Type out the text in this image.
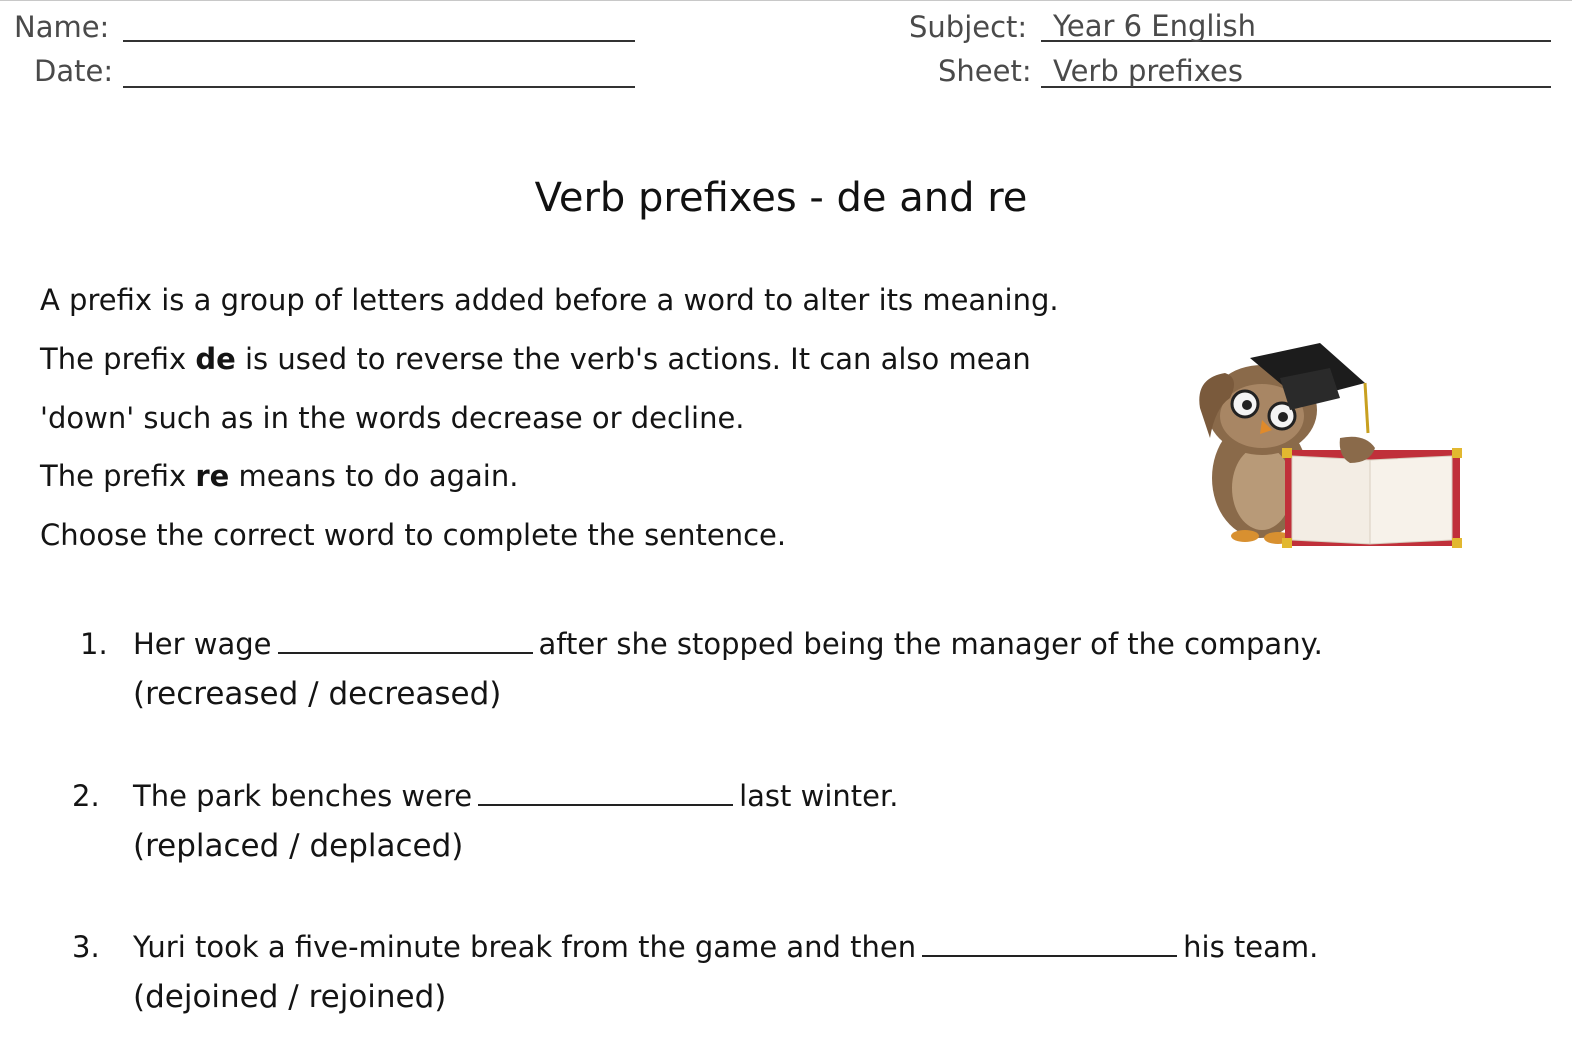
Name:
Date:
Subject: Year 6 English
Sheet: Verb prefixes
Verb prefixes - de and re
A prefix is a group of letters added before a word to alter its meaning.
The prefix de is used to reverse the verb's actions. It can also mean
'down' such as in the words decrease or decline.
The prefix re means to do again.
Choose the correct word to complete the sentence.
1. Her wage	after she stopped being the manager of the company.
(recreased / decreased)
2. The park benches were	last winter.
(replaced / deplaced)
3. Yuri took a five-minute break from the game and then	his team.
(dejoined / rejoined)
